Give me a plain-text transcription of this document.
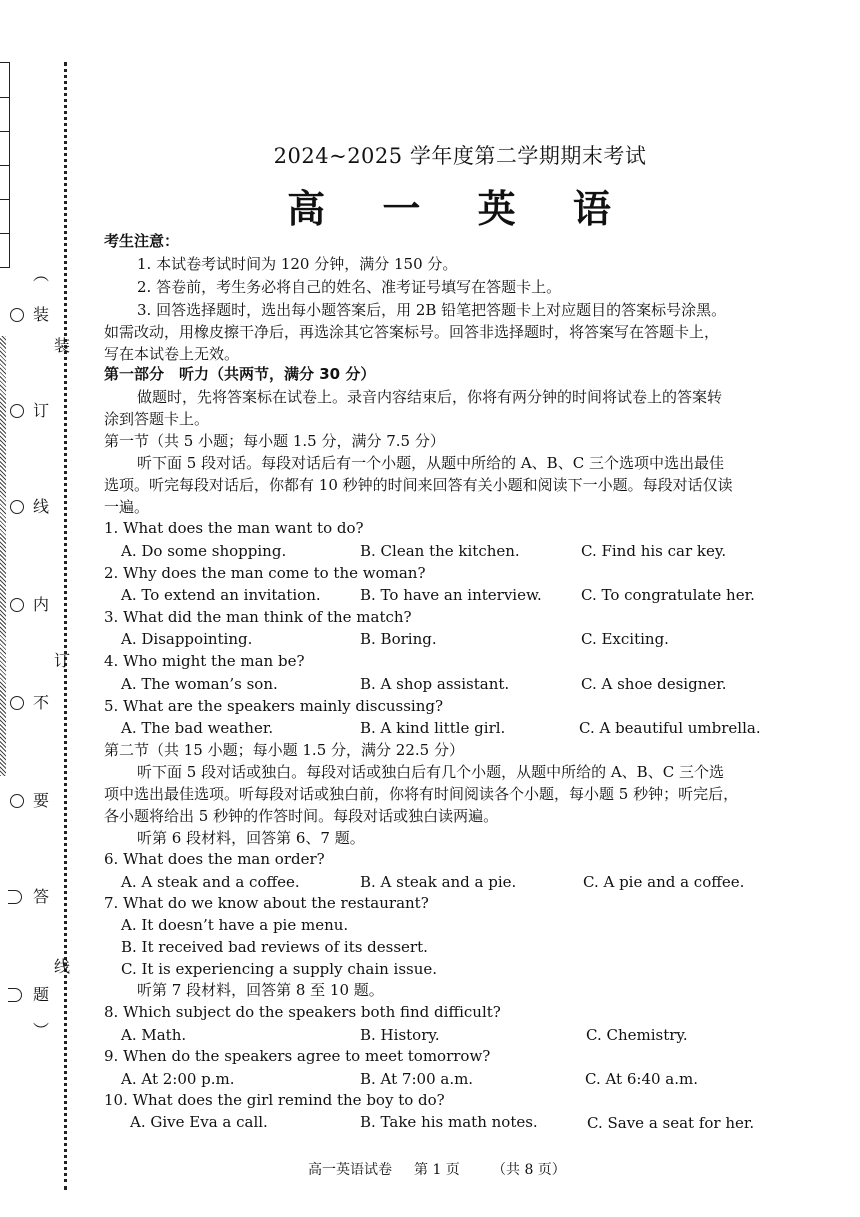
︵
装
订
线
内
不
要
答
题
︶
装
订
线
2024~2025 学年度第二学期期末考试
高 一 英 语
考生注意：
1. 本试卷考试时间为 120 分钟，满分 150 分。
2. 答卷前，考生务必将自己的姓名、准考证号填写在答题卡上。
3. 回答选择题时，选出每小题答案后，用 2B 铅笔把答题卡上对应题目的答案标号涂黑。
如需改动，用橡皮擦干净后，再选涂其它答案标号。回答非选择题时，将答案写在答题卡上，
写在本试卷上无效。
第一部分　听力（共两节，满分 30 分）
做题时，先将答案标在试卷上。录音内容结束后，你将有两分钟的时间将试卷上的答案转
涂到答题卡上。
第一节（共 5 小题；每小题 1.5 分，满分 7.5 分）
听下面 5 段对话。每段对话后有一个小题，从题中所给的 A、B、C 三个选项中选出最佳
选项。听完每段对话后，你都有 10 秒钟的时间来回答有关小题和阅读下一小题。每段对话仅读
一遍。
1. What does the man want to do?
A. Do some shopping.	B. Clean the kitchen.	C. Find his car key.
2. Why does the man come to the woman?
A. To extend an invitation.	B. To have an interview.	C. To congratulate her.
3. What did the man think of the match?
A. Disappointing.	B. Boring.	C. Exciting.
4. Who might the man be?
A. The woman’s son.	B. A shop assistant.	C. A shoe designer.
5. What are the speakers mainly discussing?
A. The bad weather.	B. A kind little girl.	C. A beautiful umbrella.
第二节（共 15 小题；每小题 1.5 分，满分 22.5 分）
听下面 5 段对话或独白。每段对话或独白后有几个小题，从题中所给的 A、B、C 三个选
项中选出最佳选项。听每段对话或独白前，你将有时间阅读各个小题，每小题 5 秒钟；听完后，
各小题将给出 5 秒钟的作答时间。每段对话或独白读两遍。
听第 6 段材料，回答第 6、7 题。
6. What does the man order?
A. A steak and a coffee.	B. A steak and a pie.	C. A pie and a coffee.
7. What do we know about the restaurant?
A. It doesn’t have a pie menu.
B. It received bad reviews of its dessert.
C. It is experiencing a supply chain issue.
听第 7 段材料，回答第 8 至 10 题。
8. Which subject do the speakers both find difficult?
A. Math.	B. History.	C. Chemistry.
9. When do the speakers agree to meet tomorrow?
A. At 2:00 p.m.	B. At 7:00 a.m.	C. At 6:40 a.m.
10. What does the girl remind the boy to do?
A. Give Eva a call.	B. Take his math notes.	C. Save a seat for her.
高一英语试卷 第 1 页 （共 8 页）
